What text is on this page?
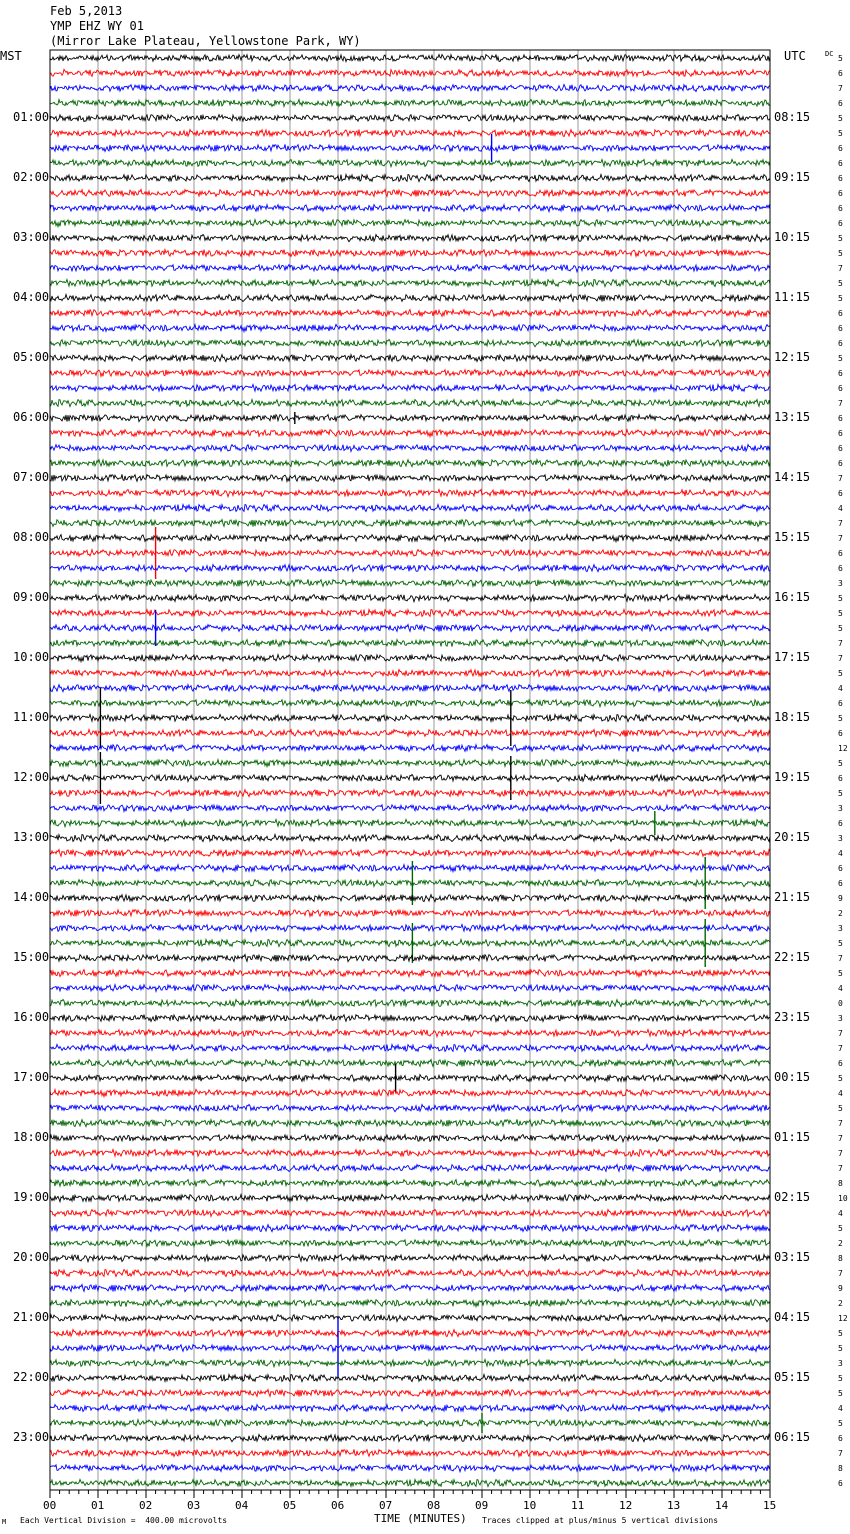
Feb 5,2013
YMP EHZ WY 01
(Mirror Lake Plateau, Yellowstone Park, WY)
MST	UTC	DC
01:00
02:00
03:00
04:00
05:00
06:00
07:00
08:00
09:00
10:00
11:00
12:00
13:00
14:00
15:00
16:00
17:00
18:00
19:00
20:00
21:00
22:00
23:00
08:15
09:15
10:15
11:15
12:15
13:15
14:15
15:15
16:15
17:15
18:15
19:15
20:15
21:15
22:15
23:15
00:15
01:15
02:15
03:15
04:15
05:15
06:15
5
6
7
6
5
5
6
6
6
6
6
6
5
5
7
5
5
6
6
6
5
6
6
7
6
6
6
6
7
6
4
7
7
6
6
3
5
5
5
7
7
5
4
6
5
6
12
5
6
5
3
6
3
4
6
6
9
2
3
5
7
5
4
0
3
7
7
6
5
4
5
7
7
7
7
8
10
4
5
2
8
7
9
2
12
5
5
3
5
5
4
5
6
7
8
6
00	01	02	03	04	05	06	07	08	09	10	11	12	13	14	15
M Each Vertical Division =  400.00 microvolts	TIME (MINUTES) Traces clipped at plus/minus 5 vertical divisions
